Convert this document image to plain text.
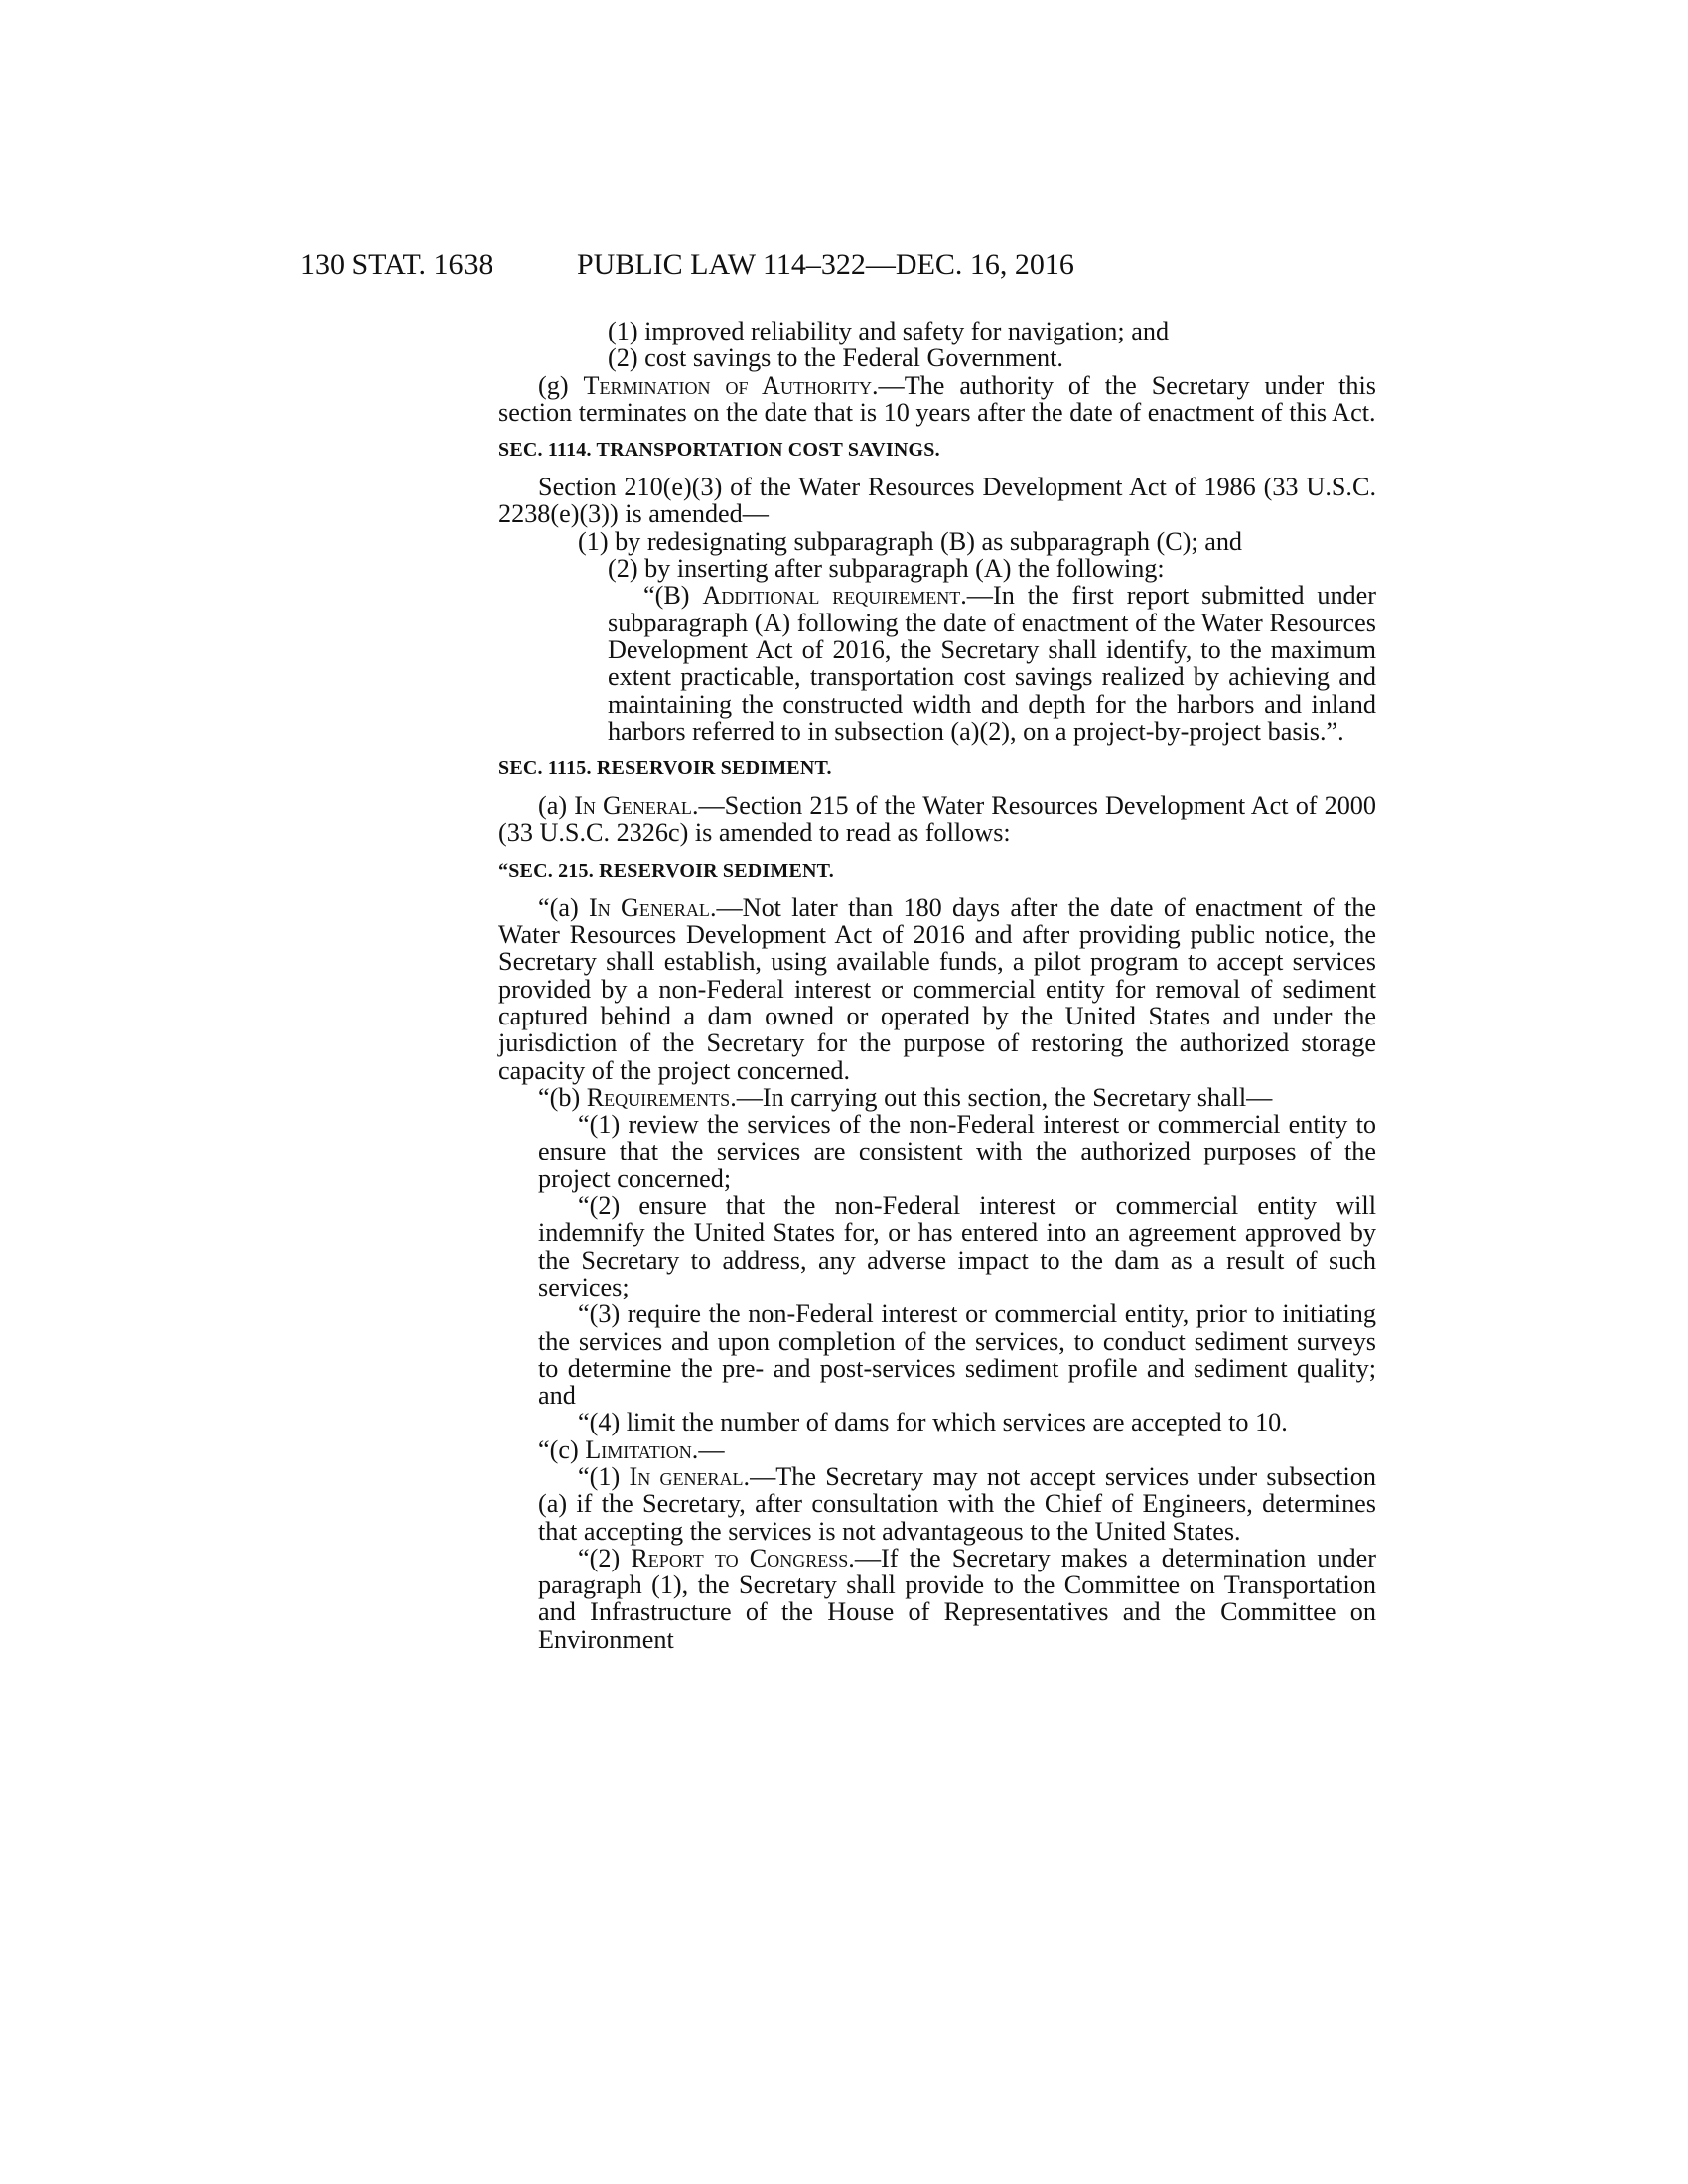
130 STAT. 1638	PUBLIC LAW 114–322—DEC. 16, 2016

(1) improved reliability and safety for navigation; and

(2) cost savings to the Federal Government.

(g) Termination of Authority.—The authority of the Secretary under this section terminates on the date that is 10 years after the date of enactment of this Act.

SEC. 1114. TRANSPORTATION COST SAVINGS.

Section 210(e)(3) of the Water Resources Development Act of 1986 (33 U.S.C. 2238(e)(3)) is amended—

(1) by redesignating subparagraph (B) as subparagraph (C); and

(2) by inserting after subparagraph (A) the following:

“(B) Additional requirement.—In the first report submitted under subparagraph (A) following the date of enactment of the Water Resources Development Act of 2016, the Secretary shall identify, to the maximum extent practicable, transportation cost savings realized by achieving and maintaining the constructed width and depth for the harbors and inland harbors referred to in subsection (a)(2), on a project-by-project basis.”.

SEC. 1115. RESERVOIR SEDIMENT.

(a) In General.—Section 215 of the Water Resources Development Act of 2000 (33 U.S.C. 2326c) is amended to read as follows:

“SEC. 215. RESERVOIR SEDIMENT.

“(a) In General.—Not later than 180 days after the date of enactment of the Water Resources Development Act of 2016 and after providing public notice, the Secretary shall establish, using available funds, a pilot program to accept services provided by a non-Federal interest or commercial entity for removal of sediment captured behind a dam owned or operated by the United States and under the jurisdiction of the Secretary for the purpose of restoring the authorized storage capacity of the project concerned.

“(b) Requirements.—In carrying out this section, the Secretary shall—

“(1) review the services of the non-Federal interest or commercial entity to ensure that the services are consistent with the authorized purposes of the project concerned;

“(2) ensure that the non-Federal interest or commercial entity will indemnify the United States for, or has entered into an agreement approved by the Secretary to address, any adverse impact to the dam as a result of such services;

“(3) require the non-Federal interest or commercial entity, prior to initiating the services and upon completion of the services, to conduct sediment surveys to determine the pre- and post-services sediment profile and sediment quality; and

“(4) limit the number of dams for which services are accepted to 10.

“(c) Limitation.—

“(1) In general.—The Secretary may not accept services under subsection (a) if the Secretary, after consultation with the Chief of Engineers, determines that accepting the services is not advantageous to the United States.

“(2) Report to Congress.—If the Secretary makes a determination under paragraph (1), the Secretary shall provide to the Committee on Transportation and Infrastructure of the House of Representatives and the Committee on Environment
